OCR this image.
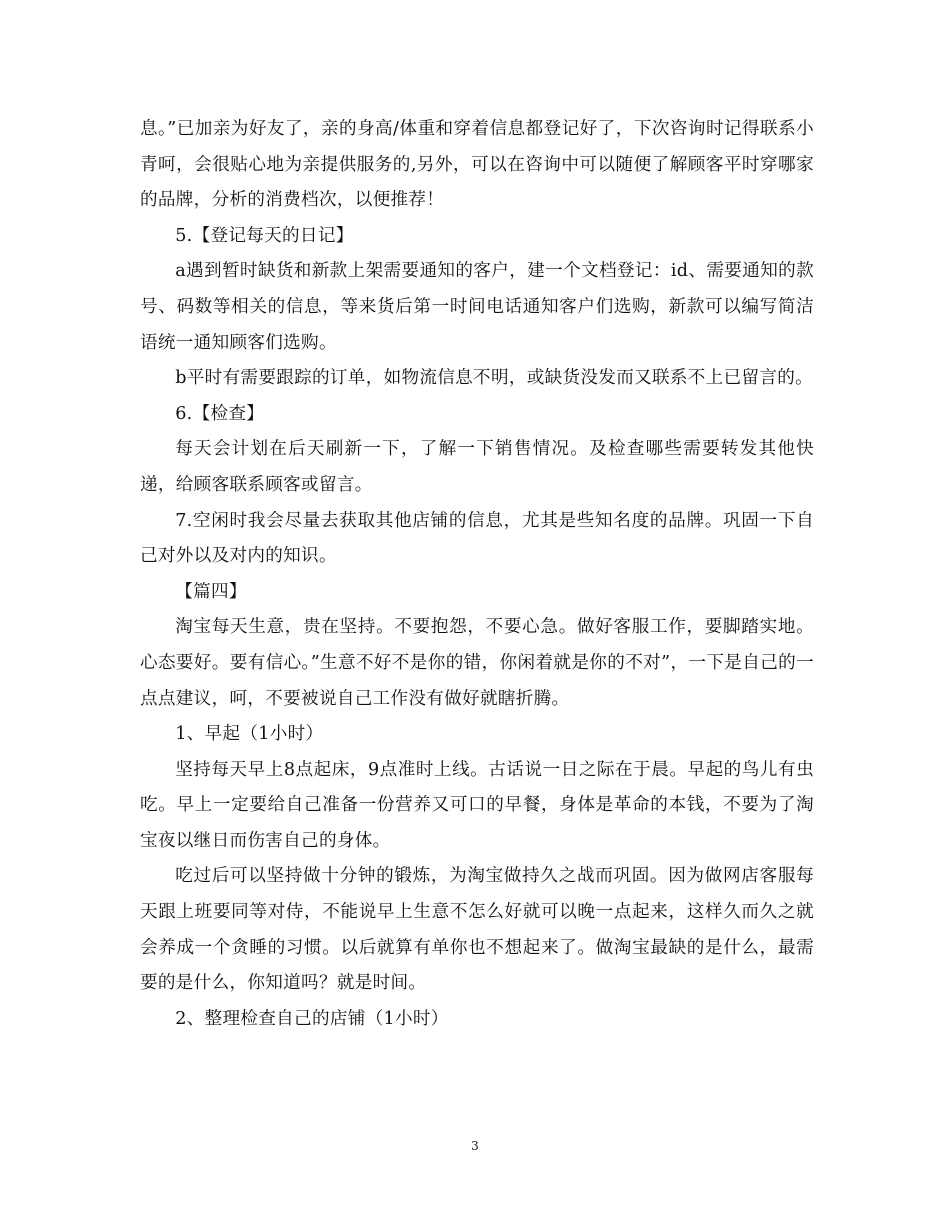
息。”已加亲为好友了，亲的身高/体重和穿着信息都登记好了，下次咨询时记得联系小青呵，会很贴心地为亲提供服务的,另外，可以在咨询中可以随便了解顾客平时穿哪家的品牌，分析的消费档次，以便推荐！

5.【登记每天的日记】

a遇到暂时缺货和新款上架需要通知的客户，建一个文档登记：id、需要通知的款号、码数等相关的信息，等来货后第一时间电话通知客户们选购，新款可以编写简洁语统一通知顾客们选购。

b平时有需要跟踪的订单，如物流信息不明，或缺货没发而又联系不上已留言的。

6.【检查】

每天会计划在后天刷新一下，了解一下销售情况。及检查哪些需要转发其他快递，给顾客联系顾客或留言。

7.空闲时我会尽量去获取其他店铺的信息，尤其是些知名度的品牌。巩固一下自己对外以及对内的知识。

【篇四】

淘宝每天生意，贵在坚持。不要抱怨，不要心急。做好客服工作，要脚踏实地。心态要好。要有信心。”生意不好不是你的错，你闲着就是你的不对”，一下是自己的一点点建议，呵，不要被说自己工作没有做好就瞎折腾。

1、早起（1小时）

坚持每天早上8点起床，9点准时上线。古话说一日之际在于晨。早起的鸟儿有虫吃。早上一定要给自己准备一份营养又可口的早餐，身体是革命的本钱，不要为了淘宝夜以继日而伤害自己的身体。

吃过后可以坚持做十分钟的锻炼，为淘宝做持久之战而巩固。因为做网店客服每天跟上班要同等对侍，不能说早上生意不怎么好就可以晚一点起来，这样久而久之就会养成一个贪睡的习惯。以后就算有单你也不想起来了。做淘宝最缺的是什么，最需要的是什么，你知道吗？就是时间。

2、整理检查自己的店铺（1小时）

3
